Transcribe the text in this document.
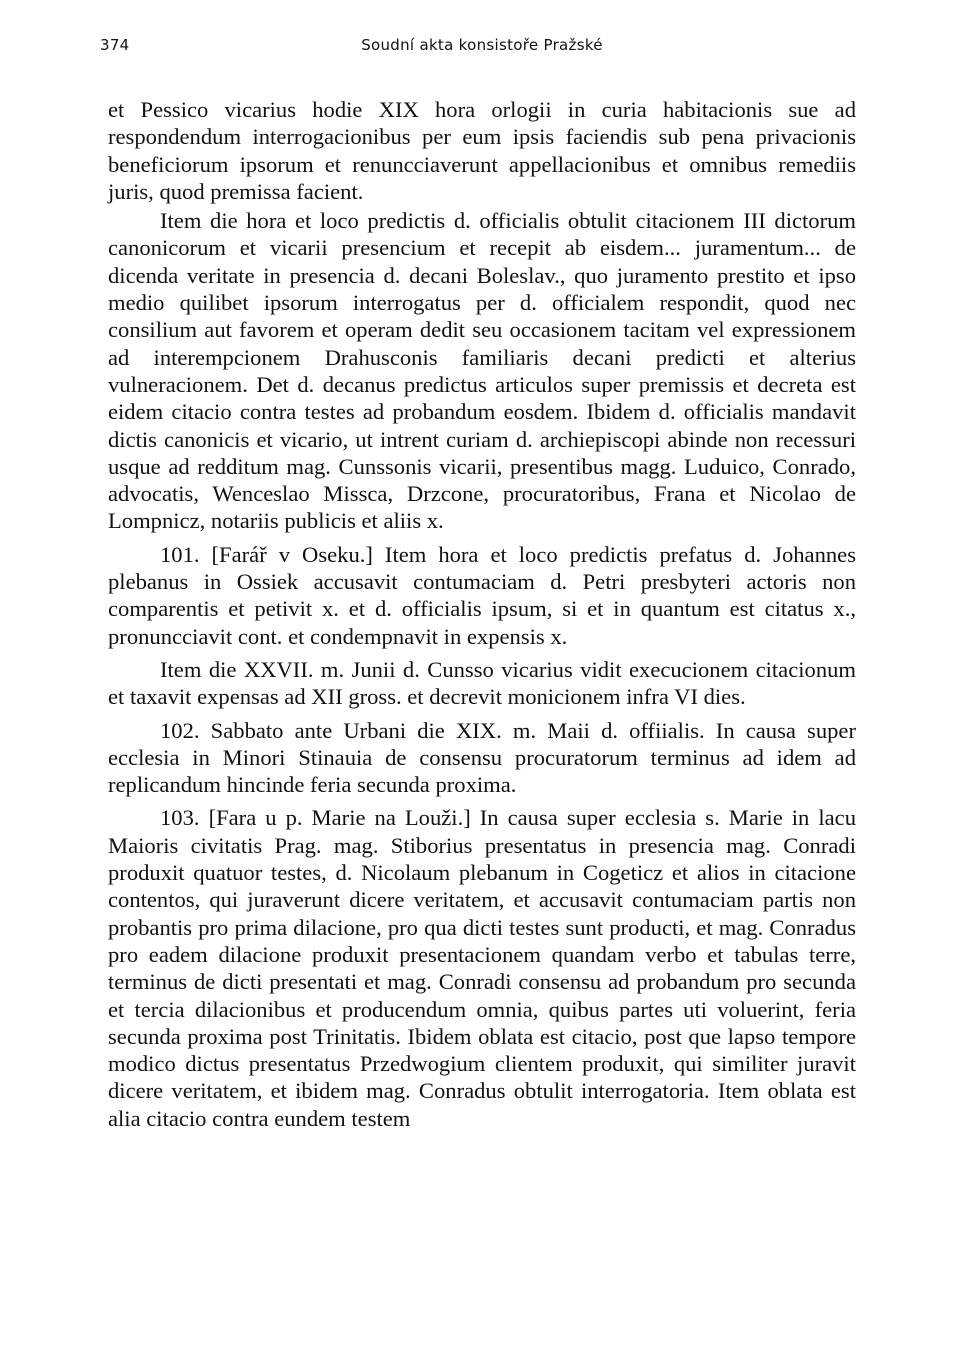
374	Soudní akta konsistoře Pražské

et Pessico vicarius hodie XIX hora orlogii in curia habitacionis sue ad respondendum interrogacionibus per eum ipsis faciendis sub pena privacionis beneficiorum ipsorum et renuncciaverunt appellacionibus et omnibus remediis juris, quod premissa facient.

Item die hora et loco predictis d. officialis obtulit citacionem III dictorum canonicorum et vicarii presencium et recepit ab eisdem... juramentum... de dicenda veritate in presencia d. decani Boleslav., quo juramento prestito et ipso medio quilibet ipsorum interrogatus per d. officialem respondit, quod nec consilium aut favorem et operam dedit seu occasionem tacitam vel expressionem ad interempcionem Drahusconis familiaris decani predicti et alterius vulneracionem. Det d. decanus predictus articulos super premissis et decreta est eidem citacio contra testes ad probandum eosdem. Ibidem d. officialis mandavit dictis canonicis et vicario, ut intrent curiam d. archiepiscopi abinde non recessuri usque ad redditum mag. Cunssonis vicarii, presentibus magg. Luduico, Conrado, advocatis, Wenceslao Missca, Drzcone, procuratoribus, Frana et Nicolao de Lompnicz, notariis publicis et aliis x.

101. [Farář v Oseku.] Item hora et loco predictis prefatus d. Johannes plebanus in Ossiek accusavit contumaciam d. Petri presbyteri actoris non comparentis et petivit x. et d. officialis ipsum, si et in quantum est citatus x., pronuncciavit cont. et condempnavit in expensis x.

Item die XXVII. m. Junii d. Cunsso vicarius vidit execucionem citacionum et taxavit expensas ad XII gross. et decrevit monicionem infra VI dies.

102. Sabbato ante Urbani die XIX. m. Maii d. offiialis. In causa super ecclesia in Minori Stinauia de consensu procuratorum terminus ad idem ad replicandum hincinde feria secunda proxima.

103. [Fara u p. Marie na Louži.] In causa super ecclesia s. Marie in lacu Maioris civitatis Prag. mag. Stiborius presentatus in presencia mag. Conradi produxit quatuor testes, d. Nicolaum plebanum in Cogeticz et alios in citacione contentos, qui juraverunt dicere veritatem, et accusavit contumaciam partis non probantis pro prima dilacione, pro qua dicti testes sunt producti, et mag. Conradus pro eadem dilacione produxit presentacionem quandam verbo et tabulas terre, terminus de dicti presentati et mag. Conradi consensu ad probandum pro secunda et tercia dilacionibus et producendum omnia, quibus partes uti voluerint, feria secunda proxima post Trinitatis. Ibidem oblata est citacio, post que lapso tempore modico dictus presentatus Przedwogium clientem produxit, qui similiter juravit dicere veritatem, et ibidem mag. Conradus obtulit interrogatoria. Item oblata est alia citacio contra eundem testem
